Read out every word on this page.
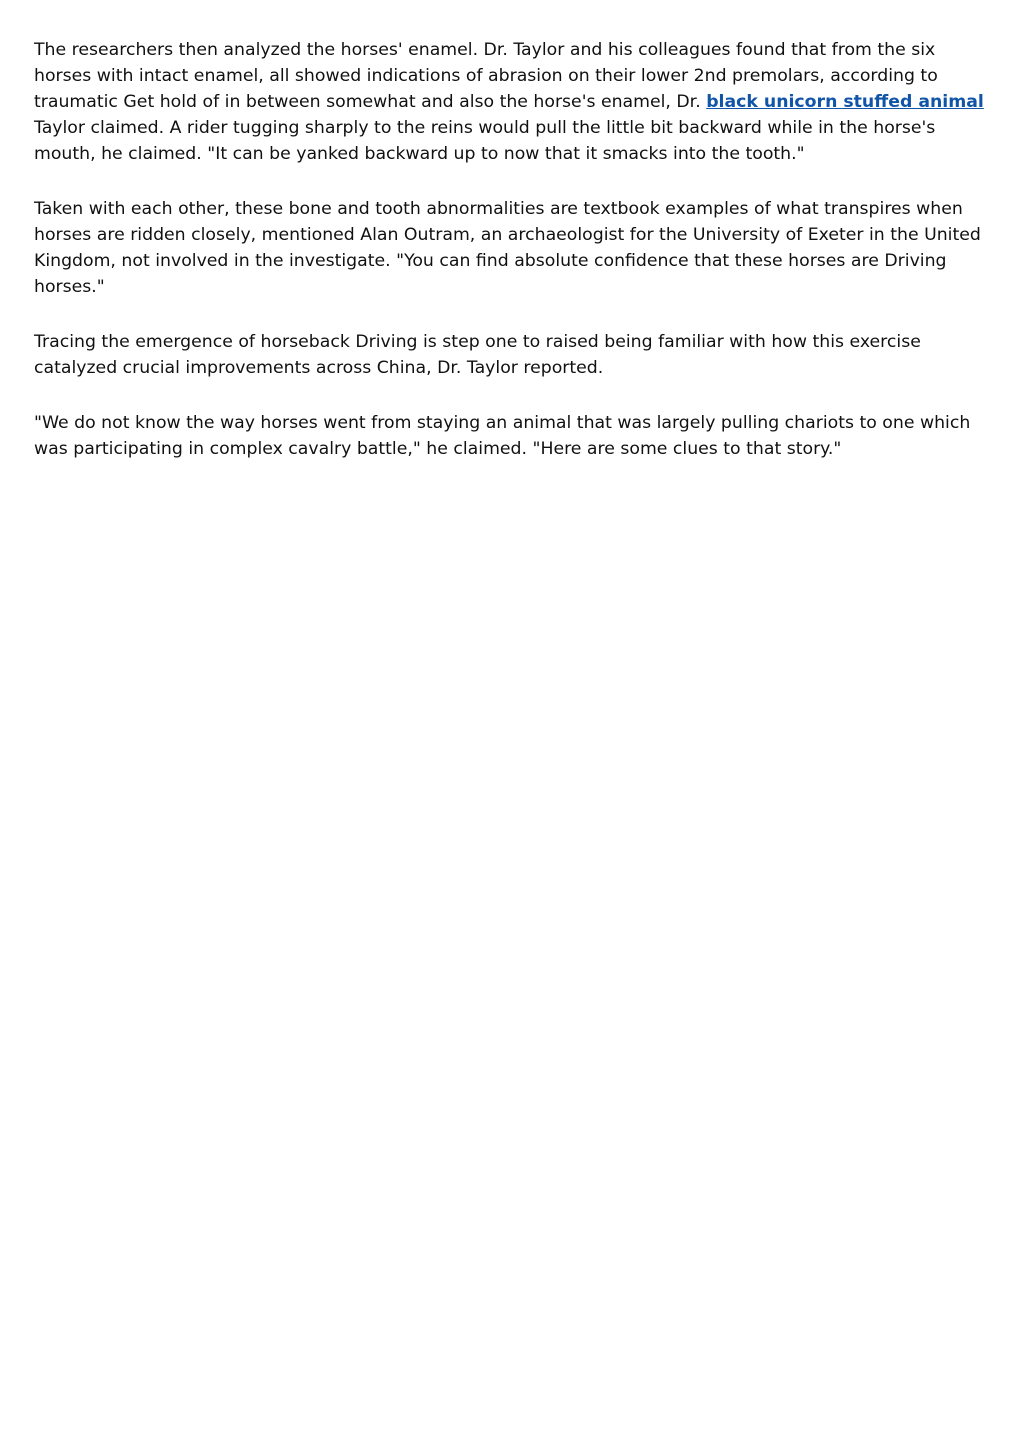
The researchers then analyzed the horses' enamel. Dr. Taylor and his colleagues found that from the six horses with intact enamel, all showed indications of abrasion on their lower 2nd premolars, according to traumatic Get hold of in between somewhat and also the horse's enamel, Dr. black unicorn stuffed animal Taylor claimed. A rider tugging sharply to the reins would pull the little bit backward while in the horse's mouth, he claimed. "It can be yanked backward up to now that it smacks into the tooth."

Taken with each other, these bone and tooth abnormalities are textbook examples of what transpires when horses are ridden closely, mentioned Alan Outram, an archaeologist for the University of Exeter in the United Kingdom, not involved in the investigate. "You can find absolute confidence that these horses are Driving horses."

Tracing the emergence of horseback Driving is step one to raised being familiar with how this exercise catalyzed crucial improvements across China, Dr. Taylor reported.

"We do not know the way horses went from staying an animal that was largely pulling chariots to one which was participating in complex cavalry battle," he claimed. "Here are some clues to that story."
